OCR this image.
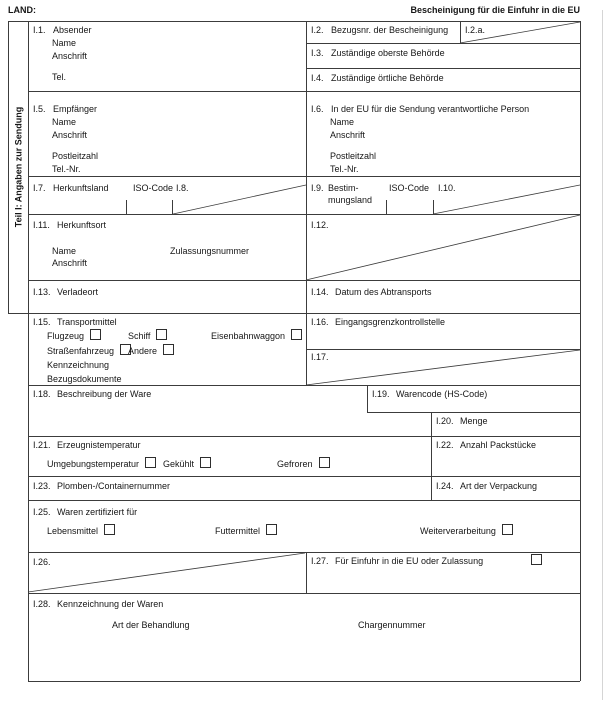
LAND:	Bescheinigung für die Einfuhr in die EU
Teil I: Angaben zur Sendung
I.1. Absender
Name
Anschrift
Tel.
I.2. Bezugsnr. der Bescheinigung I.2.a.
I.3. Zuständige oberste Behörde
I.4. Zuständige örtliche Behörde
I.5. Empfänger
Name
Anschrift
Postleitzahl
Tel.-Nr.
I.6. In der EU für die Sendung verantwortliche Person
Name
Anschrift
Postleitzahl
Tel.-Nr.
I.7. Herkunftsland	ISO-Code I.8.	I.9. Bestim-
mungsland
ISO-Code I.10.
I.11. Herkunftsort
Name	Zulassungsnummer
Anschrift
I.12.
I.13. Verladeort	I.14. Datum des Abtransports
I.15. Transportmittel
Flugzeug	Schiff	Eisenbahnwaggon
Straßenfahrzeug	Andere
Kennzeichnung
Bezugsdokumente
I.16. Eingangsgrenzkontrollstelle
I.17.
I.18. Beschreibung der Ware	I.19. Warencode (HS-Code)
I.20. Menge
I.21. Erzeugnistemperatur
Umgebungstemperatur	Gekühlt	Gefroren
I.22. Anzahl Packstücke
I.23. Plomben-/Containernummer	I.24. Art der Verpackung
I.25. Waren zertifiziert für
Lebensmittel	Futtermittel	Weiterverarbeitung
I.26.	I.27. Für Einfuhr in die EU oder Zulassung
I.28. Kennzeichnung der Waren
Art der Behandlung	Chargennummer
